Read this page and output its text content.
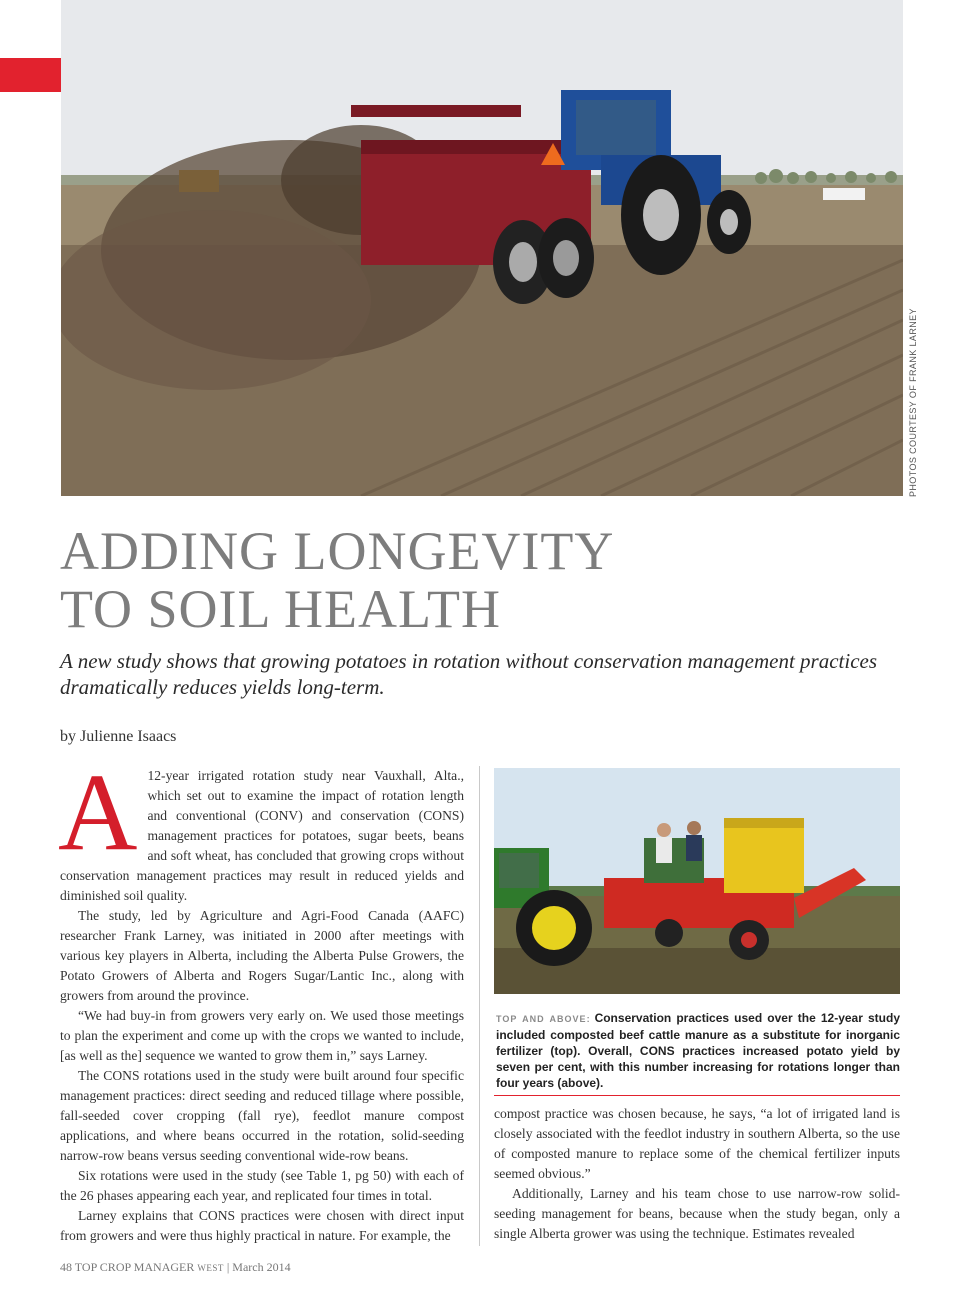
PHOTOS COURTESY OF FRANK LARNEY
ADDING LONGEVITY
TO SOIL HEALTH

A new study shows that growing potatoes in rotation without conservation management practices dramatically reduces yields long-term.

by Julienne Isaacs

A 12-year irrigated rotation study near Vauxhall, Alta., which set out to examine the impact of rotation length and conventional (CONV) and conservation (CONS) management practices for potatoes, sugar beets, beans and soft wheat, has concluded that growing crops without conservation management practices may result in reduced yields and diminished soil quality.

The study, led by Agriculture and Agri-Food Canada (AAFC) researcher Frank Larney, was initiated in 2000 after meetings with various key players in Alberta, including the Alberta Pulse Growers, the Potato Growers of Alberta and Rogers Sugar/Lantic Inc., along with growers from around the province.

“We had buy-in from growers very early on. We used those meetings to plan the experiment and come up with the crops we wanted to include, [as well as the] sequence we wanted to grow them in,” says Larney.

The CONS rotations used in the study were built around four specific management practices: direct seeding and reduced tillage where possible, fall-seeded cover cropping (fall rye), feedlot manure compost applications, and where beans occurred in the rotation, solid-seeding narrow-row beans versus seeding conventional wide-row beans.

Six rotations were used in the study (see Table 1, pg 50) with each of the 26 phases appearing each year, and replicated four times in total.

Larney explains that CONS practices were chosen with direct input from growers and were thus highly practical in nature. For example, the

TOP AND ABOVE: Conservation practices used over the 12-year study included composted beef cattle manure as a substitute for inorganic fertilizer (top). Overall, CONS practices increased potato yield by seven per cent, with this number increasing for rotations longer than four years (above).

compost practice was chosen because, he says, “a lot of irrigated land is closely associated with the feedlot industry in southern Alberta, so the use of composted manure to replace some of the chemical fertilizer inputs seemed obvious.”

Additionally, Larney and his team chose to use narrow-row solid-seeding management for beans, because when the study began, only a single Alberta grower was using the technique. Estimates revealed

48 TOP CROP MANAGER WEST | March 2014
